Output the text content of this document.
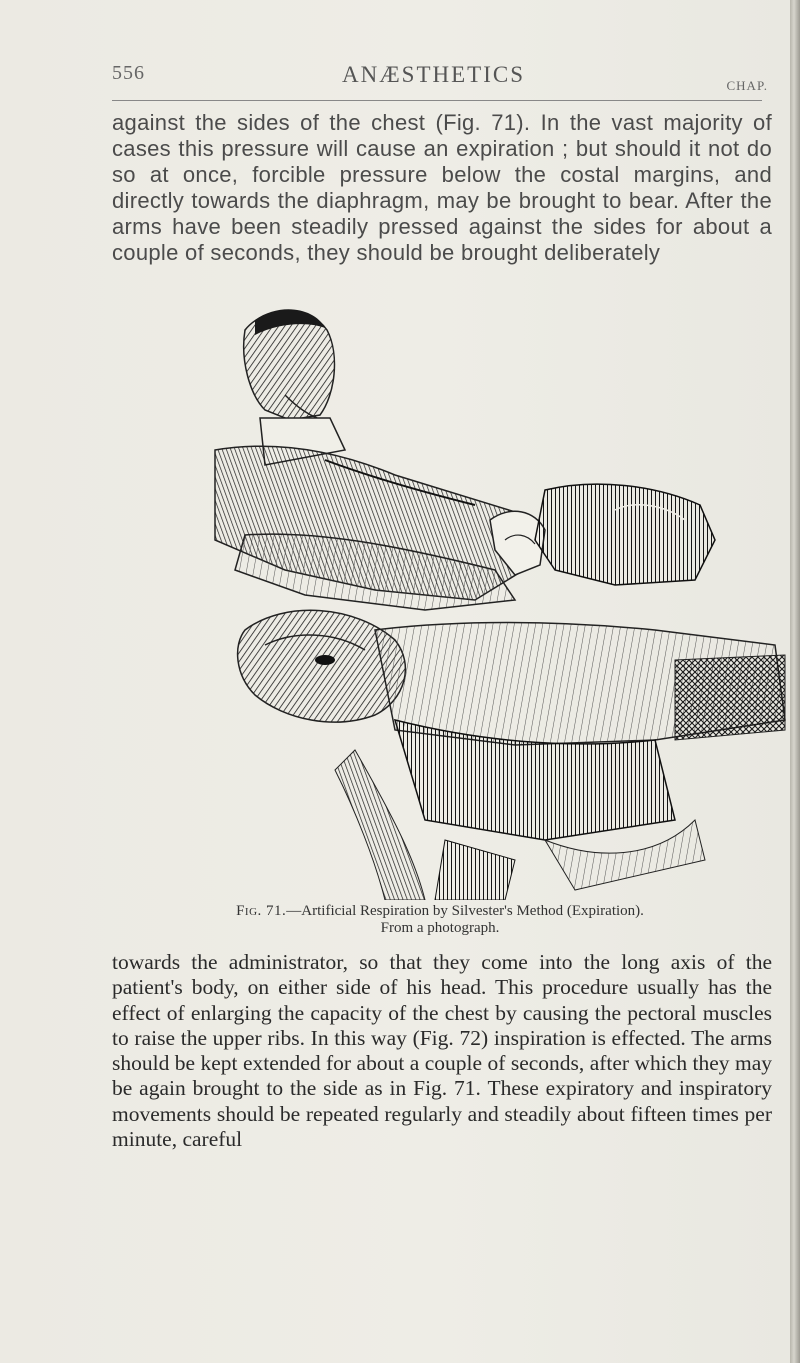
556	ANÆSTHETICS	CHAP.

against the sides of the chest (Fig. 71). In the vast majority of cases this pressure will cause an expiration ; but should it not do so at once, forcible pressure below the costal margins, and directly towards the diaphragm, may be brought to bear. After the arms have been steadily pressed against the sides for about a couple of seconds, they should be brought deliberately

Fig. 71.—Artificial Respiration by Silvester's Method (Expiration).
From a photograph.

towards the administrator, so that they come into the long axis of the patient's body, on either side of his head. This procedure usually has the effect of enlarging the capacity of the chest by causing the pectoral muscles to raise the upper ribs. In this way (Fig. 72) inspiration is effected. The arms should be kept extended for about a couple of seconds, after which they may be again brought to the side as in Fig. 71. These expiratory and inspiratory movements should be repeated regularly and steadily about fifteen times per minute, careful
